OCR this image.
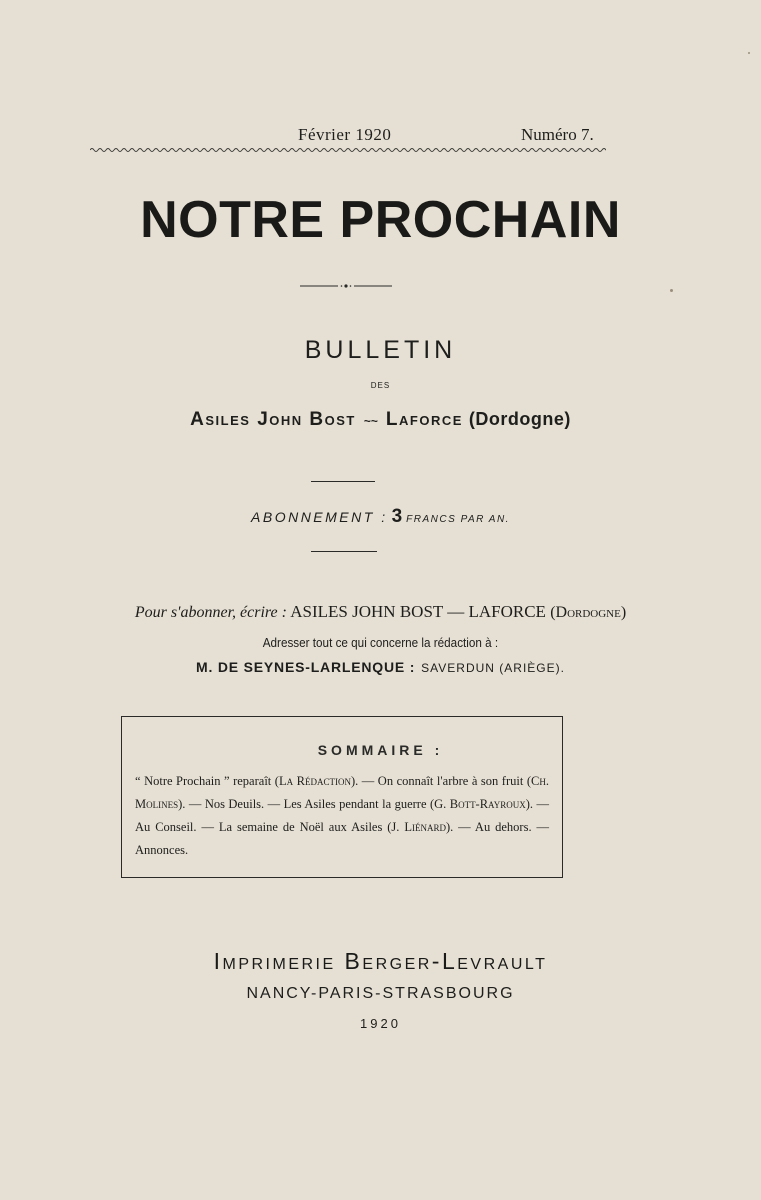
Février 1920	Numéro 7.
NOTRE PROCHAIN
BULLETIN
DES
Asiles John Bost ~~ Laforce (Dordogne)
ABONNEMENT : 3 FRANCS PAR AN.
Pour s'abonner, écrire : ASILES JOHN BOST — LAFORCE (Dordogne)
Adresser tout ce qui concerne la rédaction à :
M. DE SEYNES-LARLENQUE : SAVERDUN (ARIÈGE).
SOMMAIRE :
“ Notre Prochain ” reparaît (La Rédaction). — On connaît l'arbre à son fruit (Ch. Molines). — Nos Deuils. — Les Asiles pendant la guerre (G. Bott-Rayroux). — Au Conseil. — La semaine de Noël aux Asiles (J. Liénard). — Au dehors. — Annonces.
Imprimerie Berger-Levrault
NANCY-PARIS-STRASBOURG
1920
